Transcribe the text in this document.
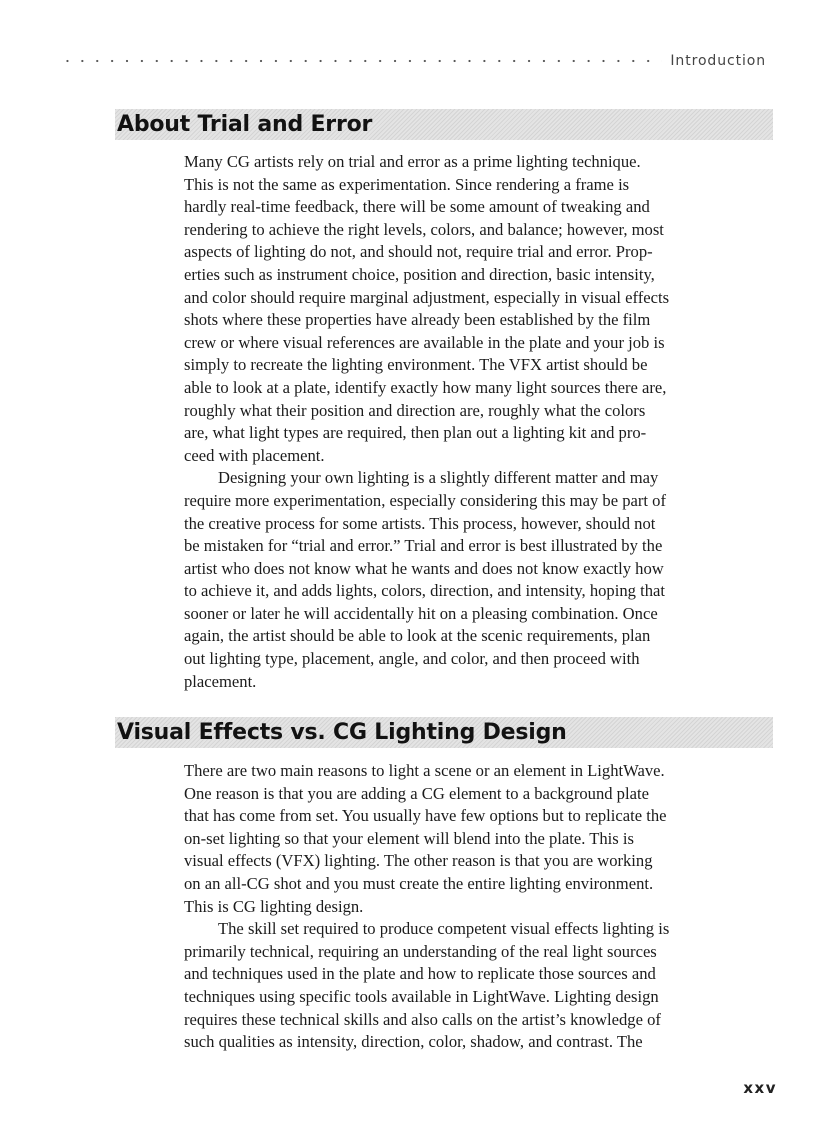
Introduction
About Trial and Error

Many CG artists rely on trial and error as a prime lighting technique.
This is not the same as experimentation. Since rendering a frame is
hardly real-time feedback, there will be some amount of tweaking and
rendering to achieve the right levels, colors, and balance; however, most
aspects of lighting do not, and should not, require trial and error. Prop-
erties such as instrument choice, position and direction, basic intensity,
and color should require marginal adjustment, especially in visual effects
shots where these properties have already been established by the film
crew or where visual references are available in the plate and your job is
simply to recreate the lighting environment. The VFX artist should be
able to look at a plate, identify exactly how many light sources there are,
roughly what their position and direction are, roughly what the colors
are, what light types are required, then plan out a lighting kit and pro-
ceed with placement.

Designing your own lighting is a slightly different matter and may
require more experimentation, especially considering this may be part of
the creative process for some artists. This process, however, should not
be mistaken for “trial and error.” Trial and error is best illustrated by the
artist who does not know what he wants and does not know exactly how
to achieve it, and adds lights, colors, direction, and intensity, hoping that
sooner or later he will accidentally hit on a pleasing combination. Once
again, the artist should be able to look at the scenic requirements, plan
out lighting type, placement, angle, and color, and then proceed with
placement.

Visual Effects vs. CG Lighting Design

There are two main reasons to light a scene or an element in LightWave.
One reason is that you are adding a CG element to a background plate
that has come from set. You usually have few options but to replicate the
on-set lighting so that your element will blend into the plate. This is
visual effects (VFX) lighting. The other reason is that you are working
on an all-CG shot and you must create the entire lighting environment.
This is CG lighting design.

The skill set required to produce competent visual effects lighting is
primarily technical, requiring an understanding of the real light sources
and techniques used in the plate and how to replicate those sources and
techniques using specific tools available in LightWave. Lighting design
requires these technical skills and also calls on the artist’s knowledge of
such qualities as intensity, direction, color, shadow, and contrast. The

xxv
